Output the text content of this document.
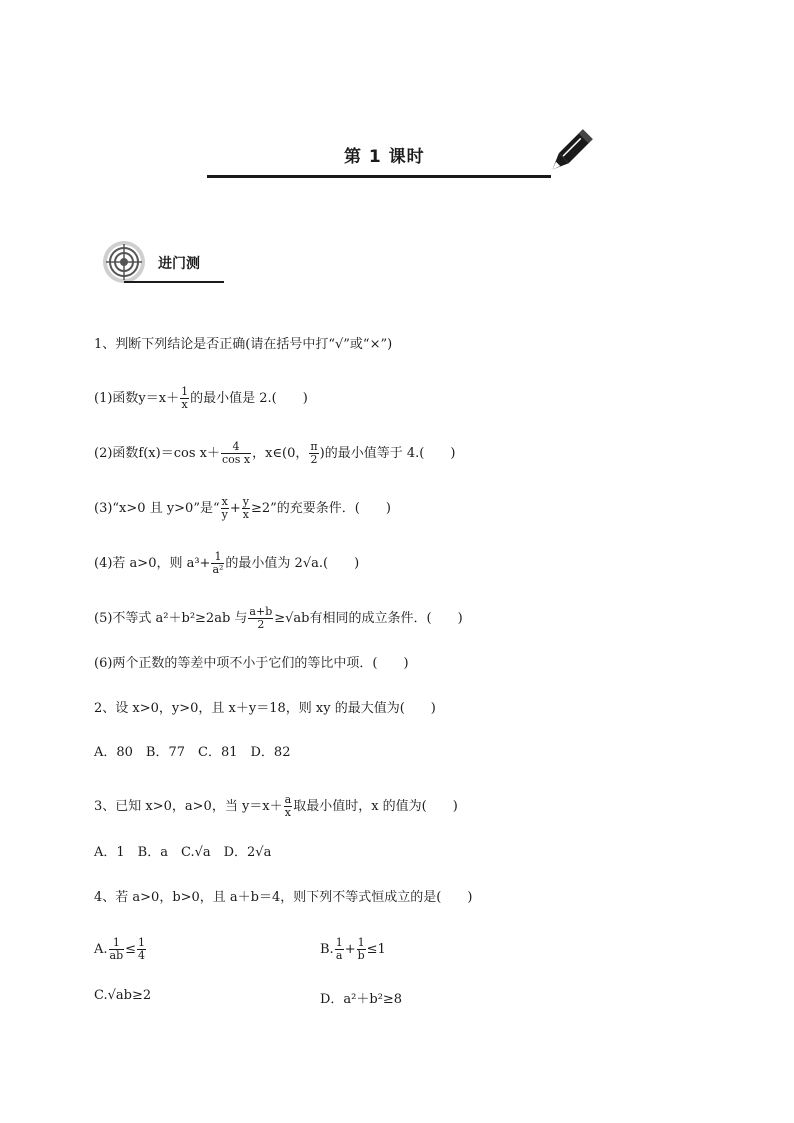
第 1 课时
进门测
1、判断下列结论是否正确(请在括号中打“√”或“×”)
(1)函数$y=x+ \frac{1}{x}$ 的最小值是 2.(　　)
(2)函数f(x)＝cos $x+ \frac{4}{\text{cos x}}$ ，x∈(0， $\frac{\pi}{2}$ )的最小值等于 4.(　　)
(3)“x>0 且 y>0”是“ $\frac{x}{y} + \frac{y}{x} \ge 2$”的充要条件．(　　)
(4)若 a>0，则 $a^3+ \frac{1}{\text{a²}}$ 的最小值为 2√a.(　　)
(5)不等式 a²＋b²≥2ab 与 $\frac{a+b}{2} \ge√ab$有相同的成立条件．(　　)
(6)两个正数的等差中项不小于它们的等比中项．(　　)
2、设 x>0，y>0，且 x＋y＝18，则 xy 的最大值为(　　)
A．80　B．77　C．81　D．82
3、已知 x>0，a>0，当 $y=x+ \frac{a}{x}$ 取最小值时，x 的值为(　　)
A．1　B．a　C.√a　D．2√a
4、若 a>0，b>0，且 a＋b＝4，则下列不等式恒成立的是(　　)
A. $\frac{1}{ab} \le \frac{1}{4}$	B. $\frac{1}{a} + \frac{1}{b} \le 1$
C.√ab≥2	D．a²＋b²≥8
